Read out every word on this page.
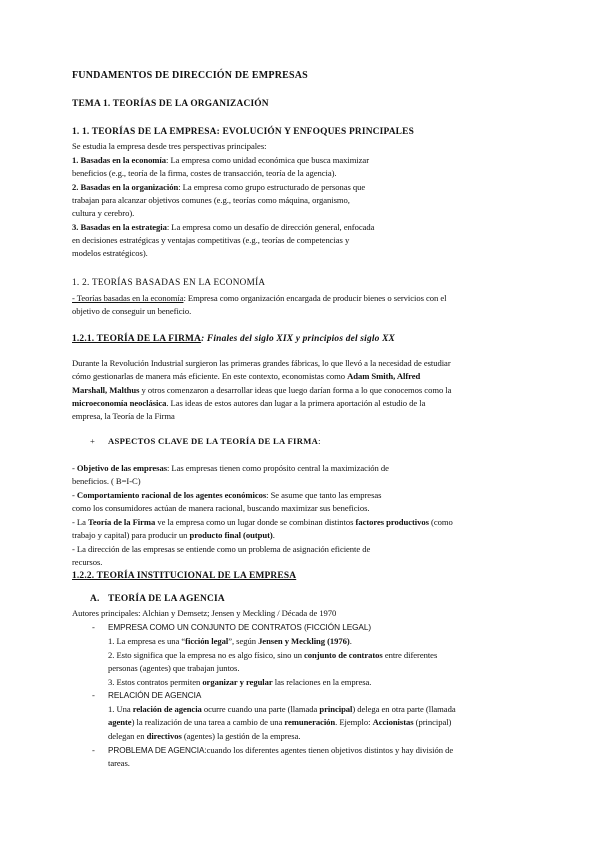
FUNDAMENTOS DE DIRECCIÓN DE EMPRESAS
TEMA 1. TEORÍAS DE LA ORGANIZACIÓN
1. 1. TEORÍAS DE LA EMPRESA: EVOLUCIÓN Y ENFOQUES PRINCIPALES
Se estudia la empresa desde tres perspectivas principales:
1. Basadas en la economía: La empresa como unidad económica que busca maximizar
beneficios (e.g., teoría de la firma, costes de transacción, teoría de la agencia).
2. Basadas en la organización: La empresa como grupo estructurado de personas que
trabajan para alcanzar objetivos comunes (e.g., teorías como máquina, organismo,
cultura y cerebro).
3. Basadas en la estrategia: La empresa como un desafío de dirección general, enfocada
en decisiones estratégicas y ventajas competitivas (e.g., teorías de competencias y
modelos estratégicos).
1. 2. TEORÍAS BASADAS EN LA ECONOMÍA
- Teorías basadas en la economía: Empresa como organización encargada de producir bienes o servicios con el
objetivo de conseguir un beneficio.
1.2.1. TEORÍA DE LA FIRMA: Finales del siglo XIX y principios del siglo XX
Durante la Revolución Industrial surgieron las primeras grandes fábricas, lo que llevó a la necesidad de estudiar
cómo gestionarlas de manera más eficiente. En este contexto, economistas como Adam Smith, Alfred
Marshall, Malthus y otros comenzaron a desarrollar ideas que luego darían forma a lo que conocemos como la
microeconomía neoclásica. Las ideas de estos autores dan lugar a la primera aportación al estudio de la
empresa, la Teoría de la Firma
+ ASPECTOS CLAVE DE LA TEORÍA DE LA FIRMA:
- Objetivo de las empresas: Las empresas tienen como propósito central la maximización de
beneficios. ( B=I-C)
- Comportamiento racional de los agentes económicos: Se asume que tanto las empresas
como los consumidores actúan de manera racional, buscando maximizar sus beneficios.
- La Teoría de la Firma ve la empresa como un lugar donde se combinan distintos factores productivos (como
trabajo y capital) para producir un producto final (output).
- La dirección de las empresas se entiende como un problema de asignación eficiente de
recursos.
1.2.2. TEORÍA INSTITUCIONAL DE LA EMPRESA
A. TEORÍA DE LA AGENCIA
Autores principales: Alchian y Demsetz; Jensen y Meckling / Década de 1970
- EMPRESA COMO UN CONJUNTO DE CONTRATOS (FICCIÓN LEGAL)
1. La empresa es una “ficción legal”, según Jensen y Meckling (1976).
2. Esto significa que la empresa no es algo físico, sino un conjunto de contratos entre diferentes
personas (agentes) que trabajan juntos.
3. Estos contratos permiten organizar y regular las relaciones en la empresa.
- RELACIÓN DE AGENCIA
1. Una relación de agencia ocurre cuando una parte (llamada principal) delega en otra parte (llamada
agente) la realización de una tarea a cambio de una remuneración. Ejemplo: Accionistas (principal)
delegan en directivos (agentes) la gestión de la empresa.
- PROBLEMA DE AGENCIA:cuando los diferentes agentes tienen objetivos distintos y hay división de
tareas.
